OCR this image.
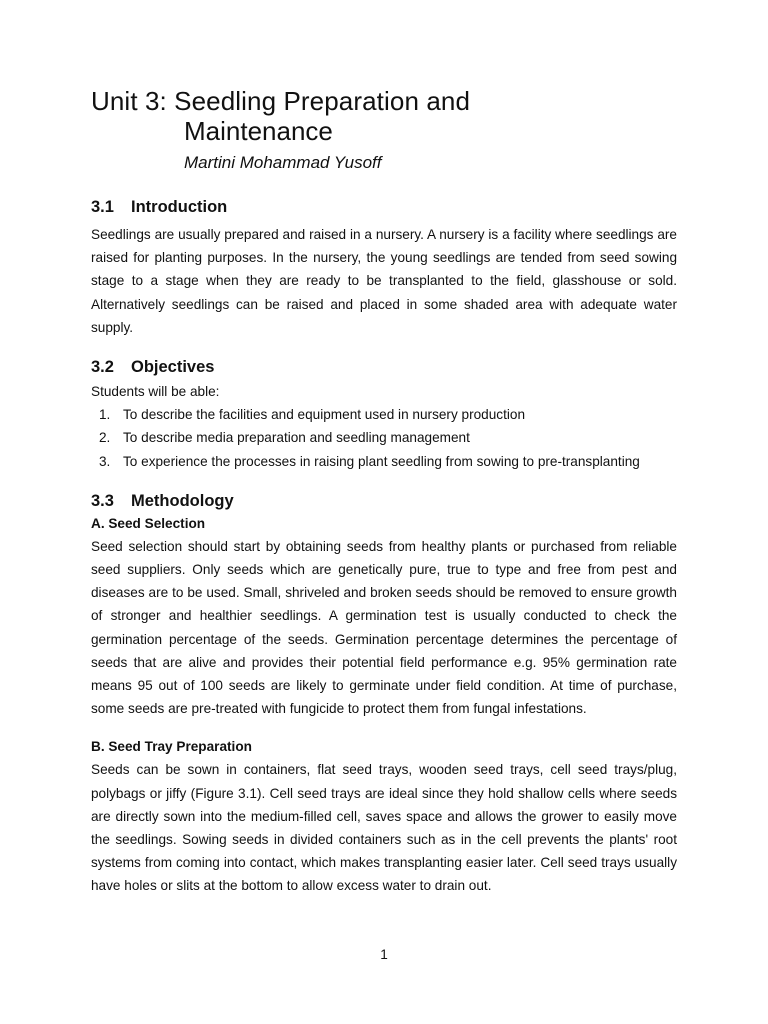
Unit 3: Seedling Preparation and
Maintenance
Martini Mohammad Yusoff
3.1 Introduction

Seedlings are usually prepared and raised in a nursery. A nursery is a facility where seedlings are raised for planting purposes. In the nursery, the young seedlings are tended from seed sowing stage to a stage when they are ready to be transplanted to the field, glasshouse or sold. Alternatively seedlings can be raised and placed in some shaded area with adequate water supply.

3.2 Objectives

Students will be able:

1. To describe the facilities and equipment used in nursery production
2. To describe media preparation and seedling management
3. To experience the processes in raising plant seedling from sowing to pre-transplanting
3.3 Methodology
A. Seed Selection

Seed selection should start by obtaining seeds from healthy plants or purchased from reliable seed suppliers. Only seeds which are genetically pure, true to type and free from pest and diseases are to be used. Small, shriveled and broken seeds should be removed to ensure growth of stronger and healthier seedlings. A germination test is usually conducted to check the germination percentage of the seeds. Germination percentage determines the percentage of seeds that are alive and provides their potential field performance e.g. 95% germination rate means 95 out of 100 seeds are likely to germinate under field condition. At time of purchase, some seeds are pre-treated with fungicide to protect them from fungal infestations.

B. Seed Tray Preparation

Seeds can be sown in containers, flat seed trays, wooden seed trays, cell seed trays/plug, polybags or jiffy (Figure 3.1). Cell seed trays are ideal since they hold shallow cells where seeds are directly sown into the medium-filled cell, saves space and allows the grower to easily move the seedlings. Sowing seeds in divided containers such as in the cell prevents the plants' root systems from coming into contact, which makes transplanting easier later. Cell seed trays usually have holes or slits at the bottom to allow excess water to drain out.

1
